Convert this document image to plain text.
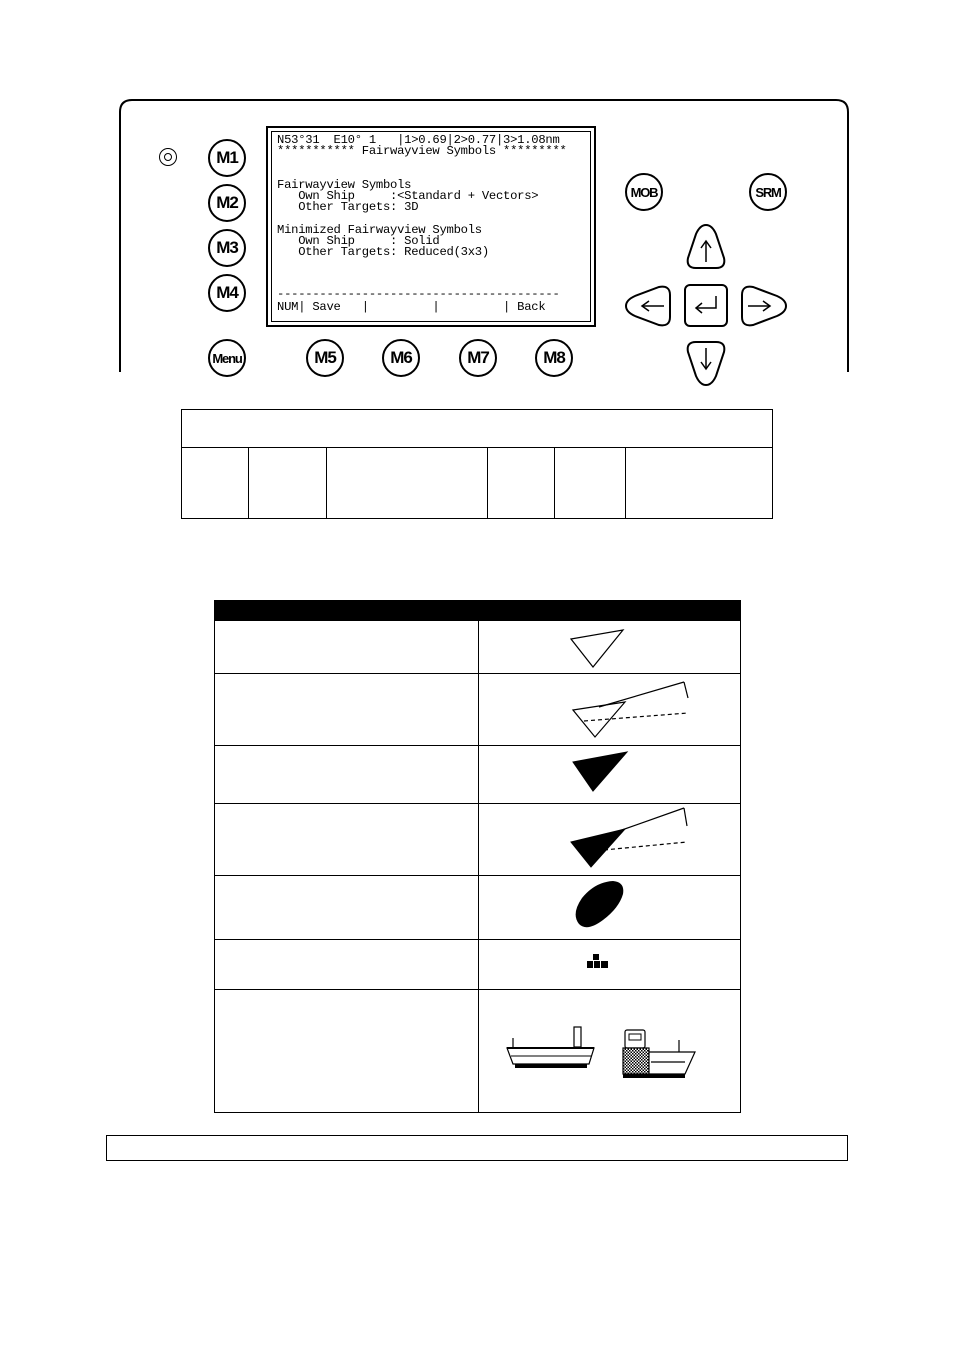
N53°31  E10° 1   |1>0.69|2>0.77|3>1.08nm
*********** Fairwayview Symbols *********
Fairwayview Symbols
Own Ship     :<Standard + Vectors>
Other Targets: 3D
Minimized Fairwayview Symbols
Own Ship     : Solid
Other Targets: Reduced(3x3)
----------------------------------------
NUM| Save   |         |         | Back
M1
M2
M3
M4
Menu	M5	M6	M7	M8
MOB	SRM
